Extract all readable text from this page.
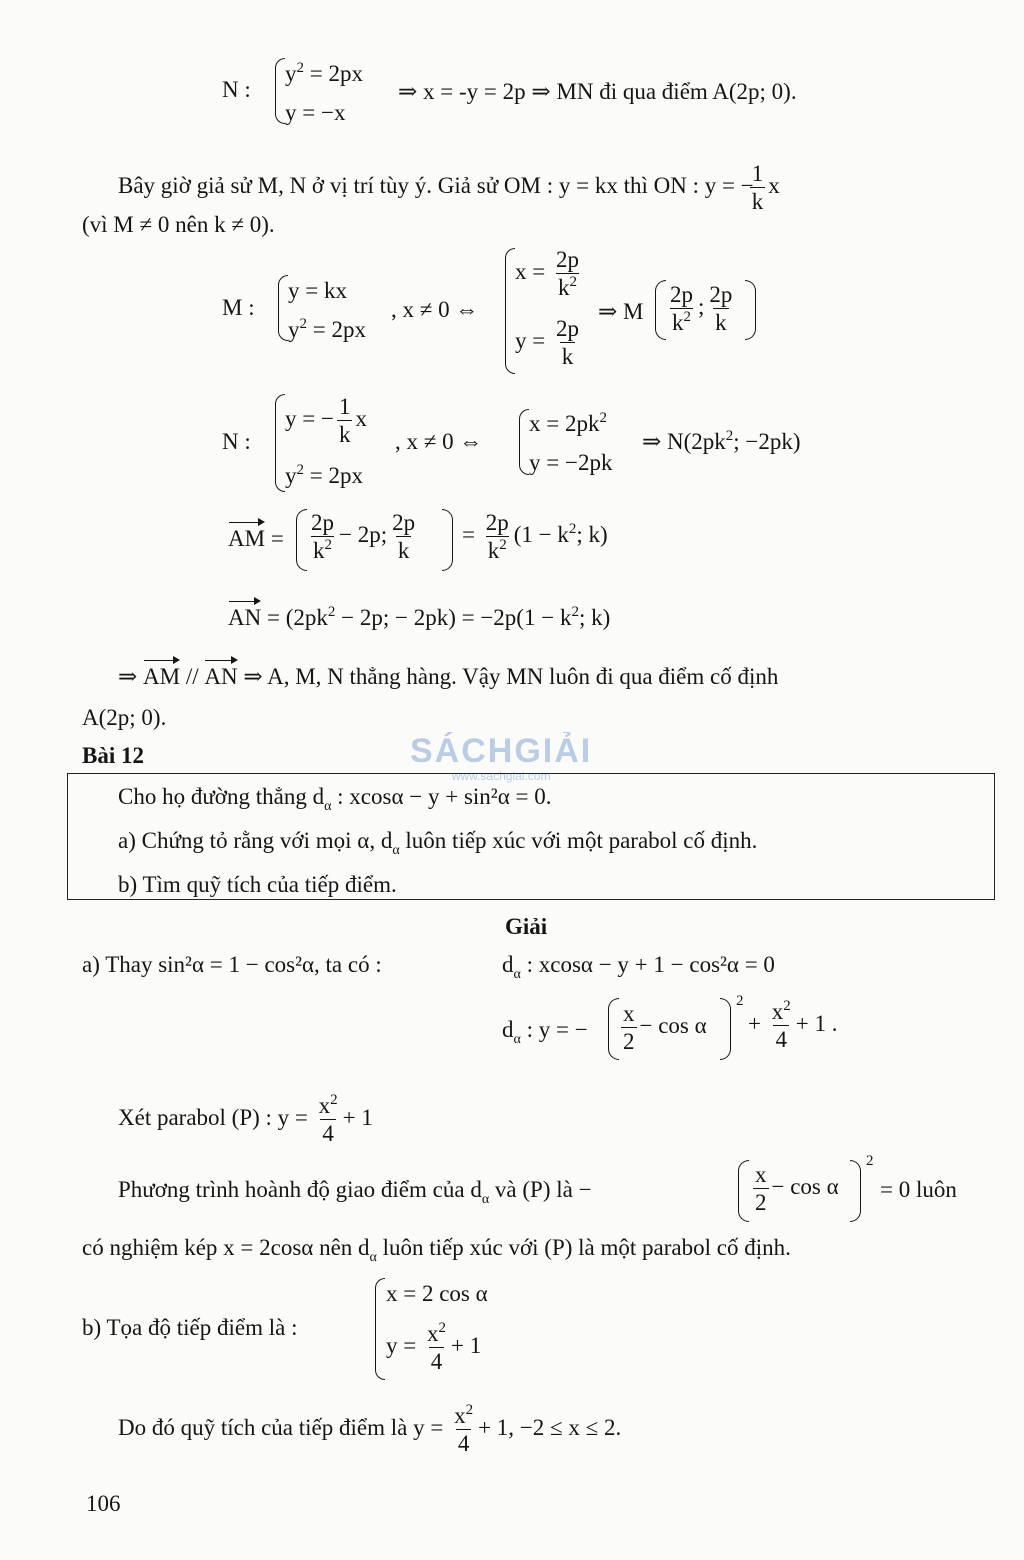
SÁCHGIẢI
www.sachgiai.com
N :
$y^2 = 2px$
y = −x
⇒ x = -y = 2p ⇒ MN đi qua điểm A(2p; 0).
Bây giờ giả sử M, N ở vị trí tùy ý. Giả sử OM : y = kx thì ON : y = −
$\frac{1}{k}$ x
(vì M ≠ 0 nên k ≠ 0).
M :
y = kx
$y^2 = 2px$
, x ≠ 0 ⇔
$x = \frac{2p}{k^2}$
$y = \frac{2p}{k}$
⇒ M $\frac{2p}{k^2}$ ; $\frac{2p}{k}$
N :
y = − $\frac{1}{k}$ x
$y^2 = 2px$
, x ≠ 0 ⇔
$x = 2pk^2$
y = −2pk
⇒ $N(2pk^2$; −2pk)
AM = $\frac{2p}{k^2} - 2p$; $\frac{2p}{k} = \frac{2p}{k^2} (1 - k^2$; k)
AN = ($2pk^2 - 2p$; − $2pk) = -2p(1 - k^2$; k)
⇒ AM // AN ⇒ A, M, N thẳng hàng. Vậy MN luôn đi qua điểm cố định
A(2p; 0).
Bài 12
Cho họ đường thẳng $d_\alpha$ : xcosα − y + sin²α = 0.
a) Chứng tỏ rằng với mọi α, $d_\alpha$ luôn tiếp xúc với một parabol cố định.
b) Tìm quỹ tích của tiếp điểm.
Giải
a) Thay sin²α = 1 − cos²α, ta có :	$d_\alpha$ : xcosα − y + 1 − cos²α = 0
$d_\alpha$ : y = − $\frac{x}{2} - \cos \alpha$
2
+ $\frac{x^2}{4} + 1$ .
Xét parabol (P) : $y = \frac{x^2}{4} + 1$
Phương trình hoành độ giao điểm của $d_\alpha$ và (P) là −	$\frac{x}{2} - \cos \alpha$
2
= 0 luôn
có nghiệm kép x = 2cosα nên $d_\alpha$ luôn tiếp xúc với (P) là một parabol cố định.
b) Tọa độ tiếp điểm là :
x = 2 cos α
$y = \frac{x^2}{4} + 1$
Do đó quỹ tích của tiếp điểm là $y = \frac{x^2}{4} + 1$, −2 ≤ x ≤ 2.
106
